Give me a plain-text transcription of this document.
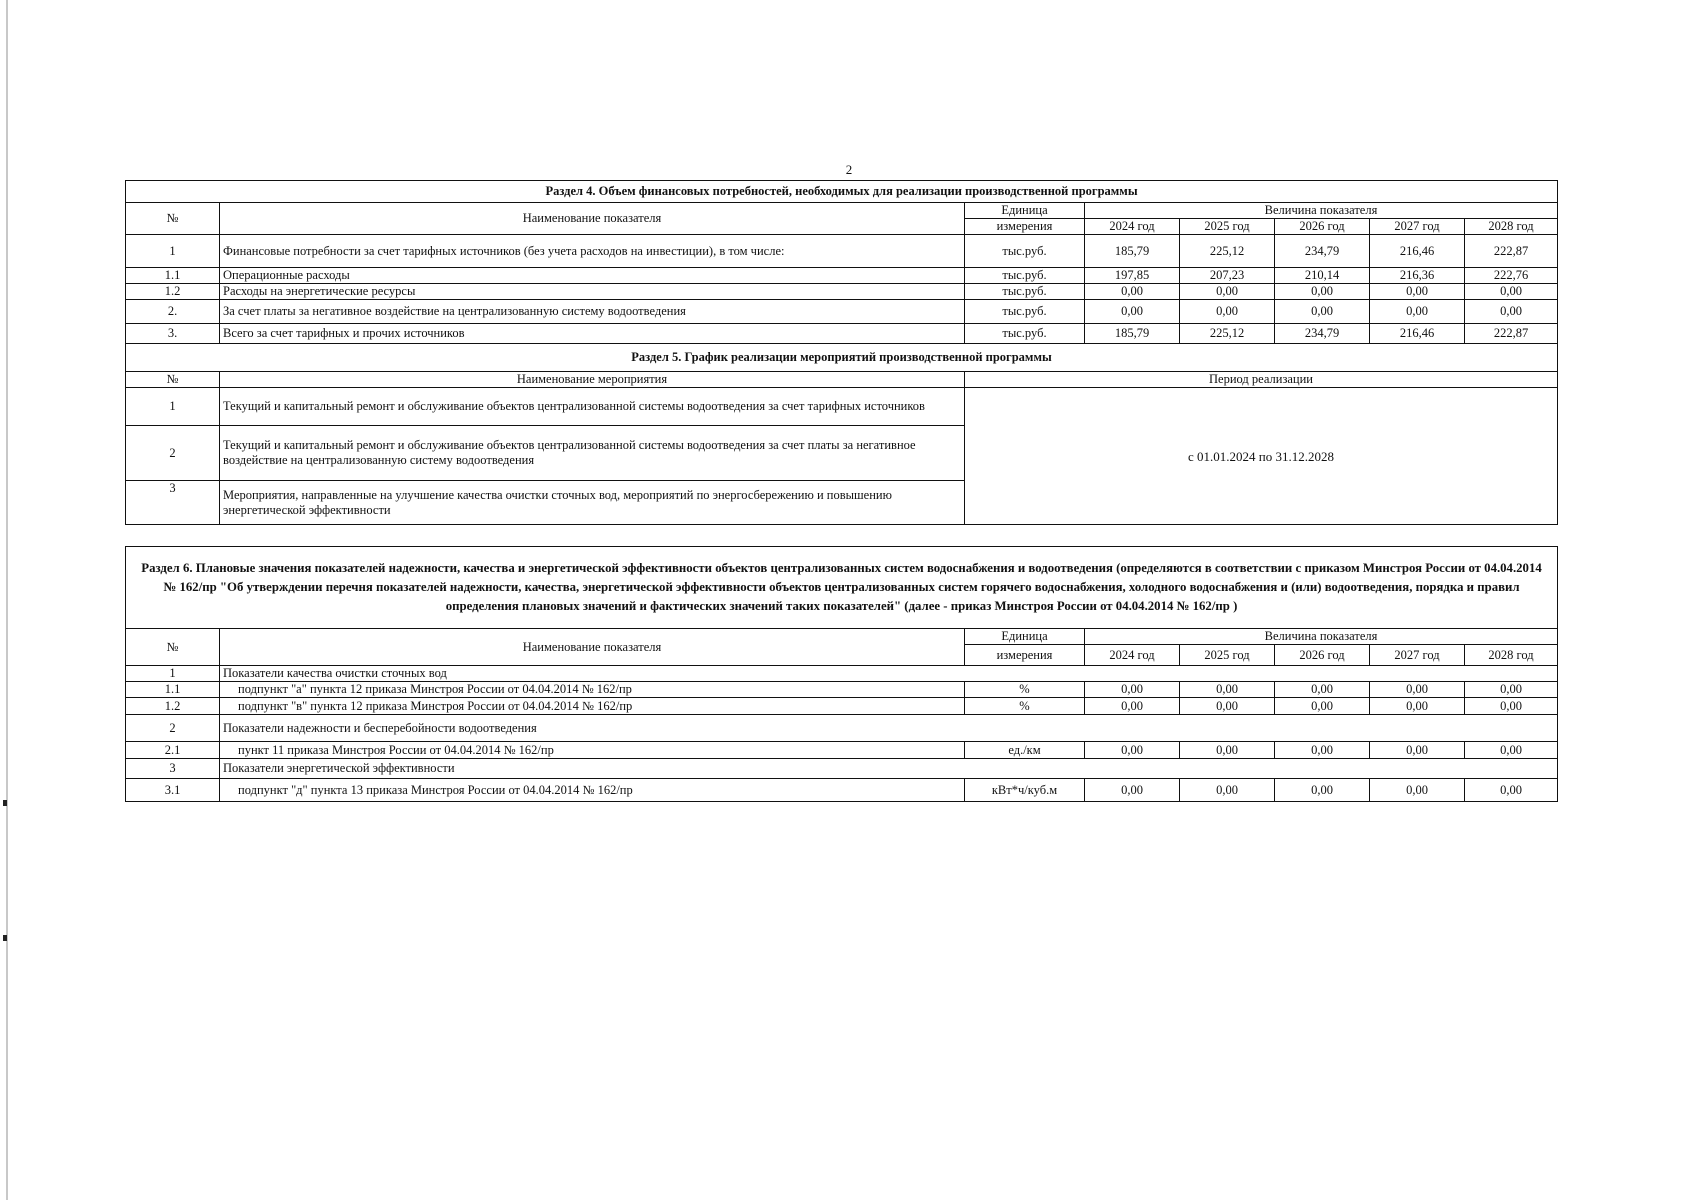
2
Раздел 4. Объем финансовых потребностей, необходимых для реализации производственной программы							
№	Наименование показателя	Единица	Величина показателя				
		измерения	2024 год	2025 год	2026 год	2027 год	2028 год
1	Финансовые потребности за счет тарифных источников (без учета расходов на инвестиции), в том числе:	тыс.руб.	185,79	225,12	234,79	216,46	222,87
1.1	Операционные расходы	тыс.руб.	197,85	207,23	210,14	216,36	222,76
1.2	Расходы на энергетические ресурсы	тыс.руб.	0,00	0,00	0,00	0,00	0,00
2.	За счет платы за негативное воздействие на централизованную систему водоотведения	тыс.руб.	0,00	0,00	0,00	0,00	0,00
3.	Всего за счет тарифных и прочих источников	тыс.руб.	185,79	225,12	234,79	216,46	222,87
Раздел 5. График реализации мероприятий производственной программы							
№	Наименование мероприятия	Период реализации					
1	Текущий и капитальный ремонт и обслуживание объектов централизованной системы водоотведения за счет тарифных источников	с 01.01.2024 по 31.12.2028					
2	Текущий и капитальный ремонт и обслуживание объектов централизованной системы водоотведения за счет платы за негативное воздействие на централизованную систему водоотведения						
3	Мероприятия, направленные на улучшение качества очистки сточных вод, мероприятий по энергосбережению и повышению энергетической эффективности						
Раздел 6. Плановые значения показателей надежности, качества и энергетической эффективности объектов централизованных систем водоснабжения и водоотведения (определяются в соответствии с приказом Минстроя России от 04.04.2014 № 162/пр "Об утверждении перечня показателей надежности, качества, энергетической эффективности объектов централизованных систем горячего водоснабжения, холодного водоснабжения и (или) водоотведения, порядка и правил определения плановых значений и фактических значений таких показателей" (далее - приказ Минстроя России от 04.04.2014 № 162/пр )							
№	Наименование показателя	Единица	Величина показателя				
		измерения	2024 год	2025 год	2026 год	2027 год	2028 год
1	Показатели качества очистки сточных вод						
1.1	подпункт "а" пункта 12 приказа Минстроя России от 04.04.2014 № 162/пр	%	0,00	0,00	0,00	0,00	0,00
1.2	подпункт "в" пункта 12 приказа Минстроя России от 04.04.2014 № 162/пр	%	0,00	0,00	0,00	0,00	0,00
2	Показатели надежности и бесперебойности водоотведения						
2.1	пункт 11 приказа Минстроя России от 04.04.2014 № 162/пр	ед./км	0,00	0,00	0,00	0,00	0,00
3	Показатели энергетической эффективности						
3.1	подпункт "д" пункта 13 приказа Минстроя России от 04.04.2014 № 162/пр	кВт*ч/куб.м	0,00	0,00	0,00	0,00	0,00
